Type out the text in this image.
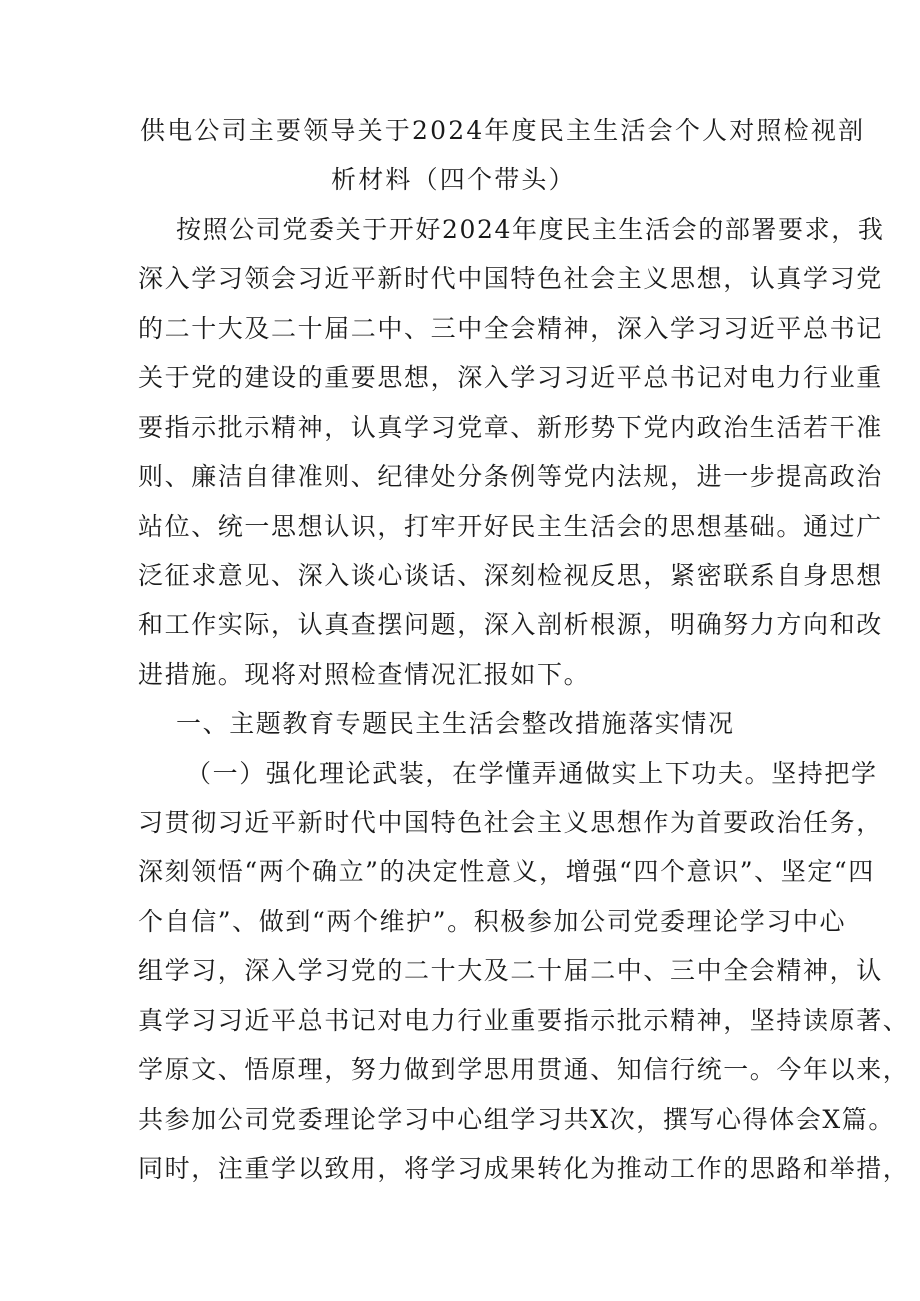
供电公司主要领导关于2024年度民主生活会个人对照检视剖
析材料（四个带头）
按照公司党委关于开好2024年度民主生活会的部署要求，我
深入学习领会习近平新时代中国特色社会主义思想，认真学习党
的二十大及二十届二中、三中全会精神，深入学习习近平总书记
关于党的建设的重要思想，深入学习习近平总书记对电力行业重
要指示批示精神，认真学习党章、新形势下党内政治生活若干准
则、廉洁自律准则、纪律处分条例等党内法规，进一步提高政治
站位、统一思想认识，打牢开好民主生活会的思想基础。通过广
泛征求意见、深入谈心谈话、深刻检视反思，紧密联系自身思想
和工作实际，认真查摆问题，深入剖析根源，明确努力方向和改
进措施。现将对照检查情况汇报如下。
一、主题教育专题民主生活会整改措施落实情况
（一）强化理论武装，在学懂弄通做实上下功夫。坚持把学
习贯彻习近平新时代中国特色社会主义思想作为首要政治任务，
深刻领悟“两个确立”的决定性意义，增强“四个意识”、坚定“四
个自信”、做到“两个维护”。积极参加公司党委理论学习中心
组学习，深入学习党的二十大及二十届二中、三中全会精神，认
真学习习近平总书记对电力行业重要指示批示精神，坚持读原著、
学原文、悟原理，努力做到学思用贯通、知信行统一。今年以来，
共参加公司党委理论学习中心组学习共X次，撰写心得体会X篇。
同时，注重学以致用，将学习成果转化为推动工作的思路和举措，
